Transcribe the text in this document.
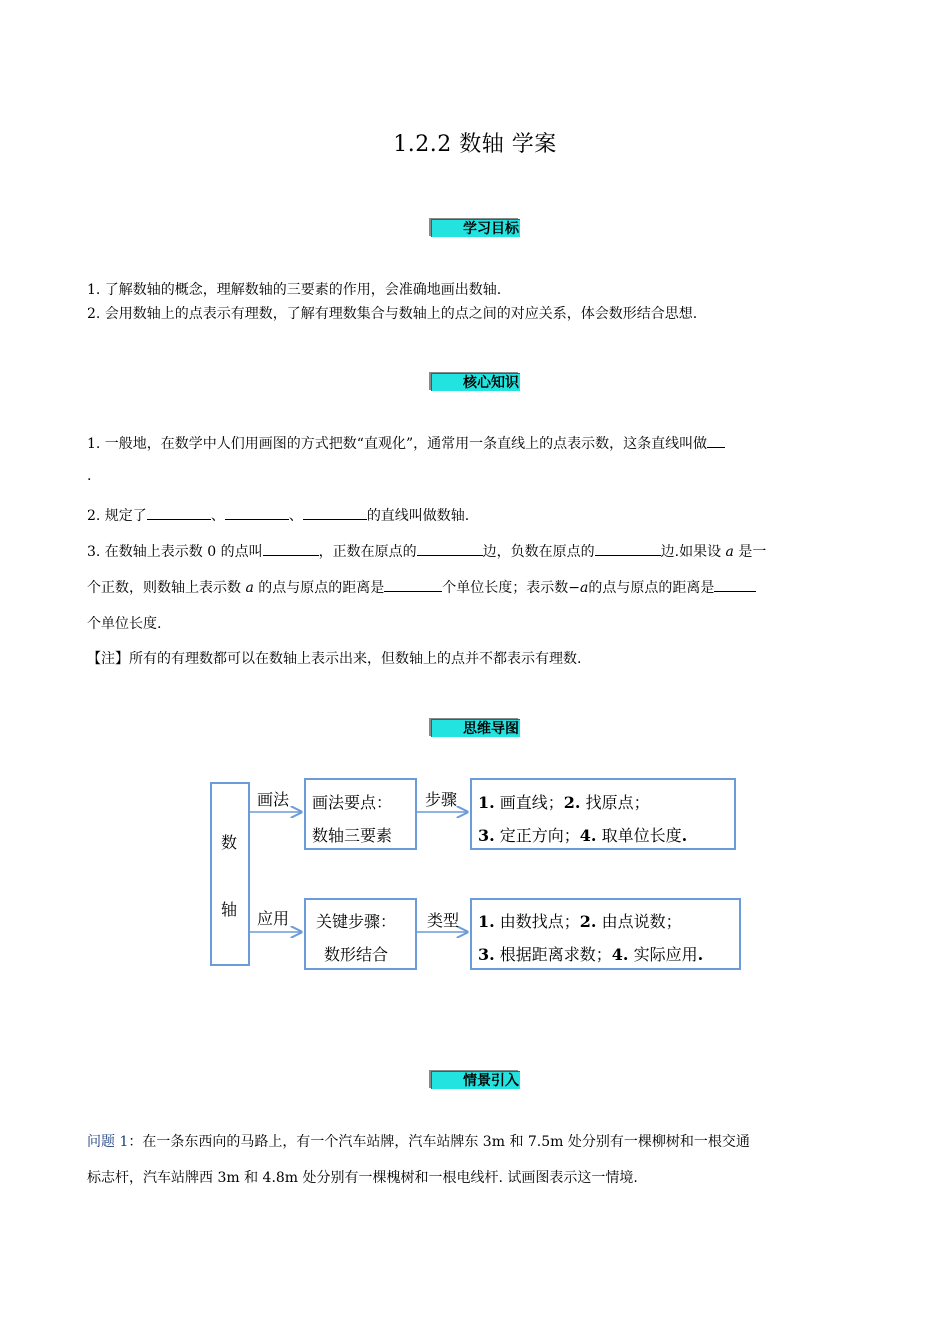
1.2.2 数轴 学案
学习目标
1. 了解数轴的概念，理解数轴的三要素的作用，会准确地画出数轴.
2. 会用数轴上的点表示有理数，了解有理数集合与数轴上的点之间的对应关系，体会数形结合思想.
核心知识
1. 一般地，在数学中人们用画图的方式把数“直观化”，通常用一条直线上的点表示数，这条直线叫做
.
2. 规定了	、	、	的直线叫做数轴.
3. 在数轴上表示数 0 的点叫	，正数在原点的	边，负数在原点的	边.如果设 a 是一
个正数，则数轴上表示数 a 的点与原点的距离是	个单位长度；表示数−a的点与原点的距离是
个单位长度.
【注】所有的有理数都可以在数轴上表示出来，但数轴上的点并不都表示有理数.
思维导图
数
轴
画法
应用
画法要点：
数轴三要素
关键步骤：
数形结合
步骤
类型
1. 画直线；2. 找原点；
3. 定正方向；4. 取单位长度.
1. 由数找点；2. 由点说数；
3. 根据距离求数；4. 实际应用.
情景引入
问题 1：在一条东西向的马路上，有一个汽车站牌，汽车站牌东 3m 和 7.5m 处分别有一棵柳树和一根交通
标志杆，汽车站牌西 3m 和 4.8m 处分别有一棵槐树和一根电线杆. 试画图表示这一情境.
